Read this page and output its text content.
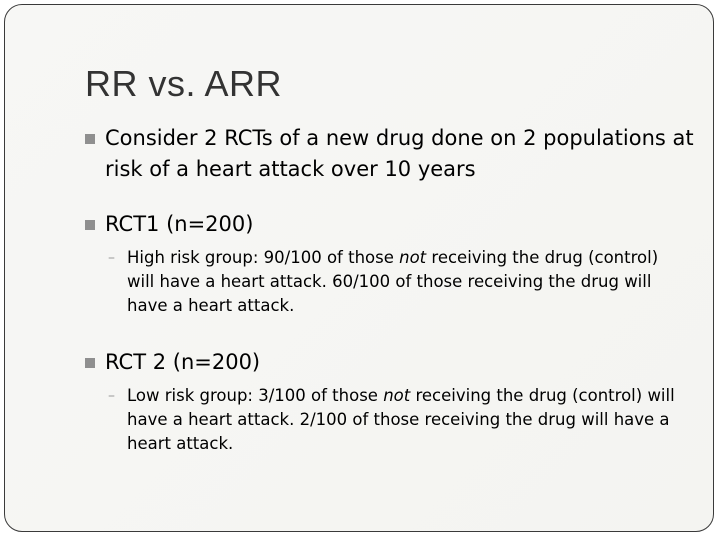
RR vs. ARR
Consider 2 RCTs of a new drug done on 2 populations at risk of a heart attack over 10 years
RCT1 (n=200)
– High risk group: 90/100 of those not receiving the drug (control) will have a heart attack. 60/100 of those receiving the drug will have a heart attack.
RCT 2 (n=200)
– Low risk group: 3/100 of those not receiving the drug (control) will have a heart attack. 2/100 of those receiving the drug will have a heart attack.
